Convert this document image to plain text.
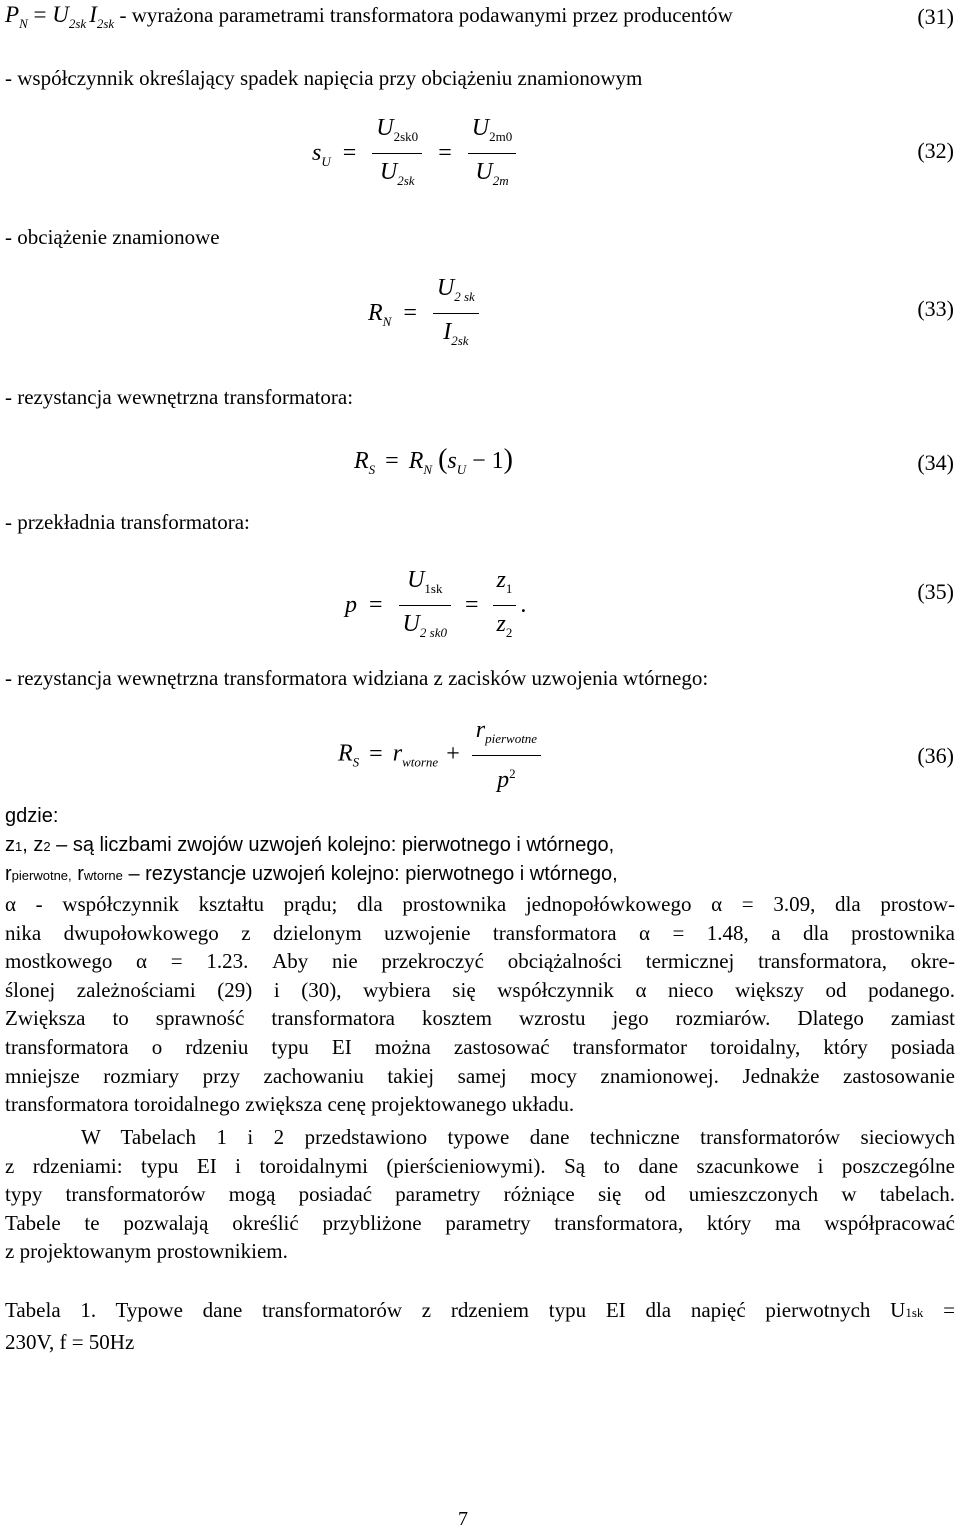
$P_N = U_{2sk}$ $I_{2sk}$ - wyrażona parametrami transformatora podawanymi przez producentów	(31)
- współczynnik określający spadek napięcia przy obciążeniu znamionowym
$s_U = \frac{U_{2sk0}}{U_{2sk}} = \frac{U_{2m0}}{U_{2m}}$	(32)
- obciążenie znamionowe
$R_N = \frac{U_{2 sk}}{I_{2sk}}$	(33)
- rezystancja wewnętrzna transformatora:
$R_S = R_N$ $(s_U - 1)$	(34)
- przekładnia transformatora:
$p = \frac{U_{1sk}}{U_{2 sk0}} = \frac{z_1}{z_2}$ .
(35)
- rezystancja wewnętrzna transformatora widziana z zacisków uzwojenia wtórnego:
$R_S = r_{wtorne} + \frac{r_{pierwotne}}{p^2}$	(36)
gdzie:
z1, z2 – są liczbami zwojów uzwojeń kolejno: pierwotnego i wtórnego,
rpierwotne, rwtorne – rezystancje uzwojeń kolejno: pierwotnego i wtórnego,
α - współczynnik kształtu prądu; dla prostownika jednopołówkowego α = 3.09, dla prostow-
nika dwupołowkowego z dzielonym uzwojenie transformatora α = 1.48, a dla prostownika
mostkowego α = 1.23. Aby nie przekroczyć obciążalności termicznej transformatora, okre-
ślonej zależnościami (29) i (30), wybiera się współczynnik α nieco większy od podanego.
Zwiększa to sprawność transformatora kosztem wzrostu jego rozmiarów. Dlatego zamiast
transformatora o rdzeniu typu EI można zastosować transformator toroidalny, który posiada
mniejsze rozmiary przy zachowaniu takiej samej mocy znamionowej. Jednakże zastosowanie
transformatora toroidalnego zwiększa cenę projektowanego układu.
W Tabelach 1 i 2 przedstawiono typowe dane techniczne transformatorów sieciowych
z rdzeniami: typu EI i toroidalnymi (pierścieniowymi). Są to dane szacunkowe i poszczególne
typy transformatorów mogą posiadać parametry różniące się od umieszczonych w tabelach.
Tabele te pozwalają określić przybliżone parametry transformatora, który ma współpracować
z projektowanym prostownikiem.
Tabela 1. Typowe dane transformatorów z rdzeniem typu EI dla napięć pierwotnych U1sk =
230V, f = 50Hz
7
